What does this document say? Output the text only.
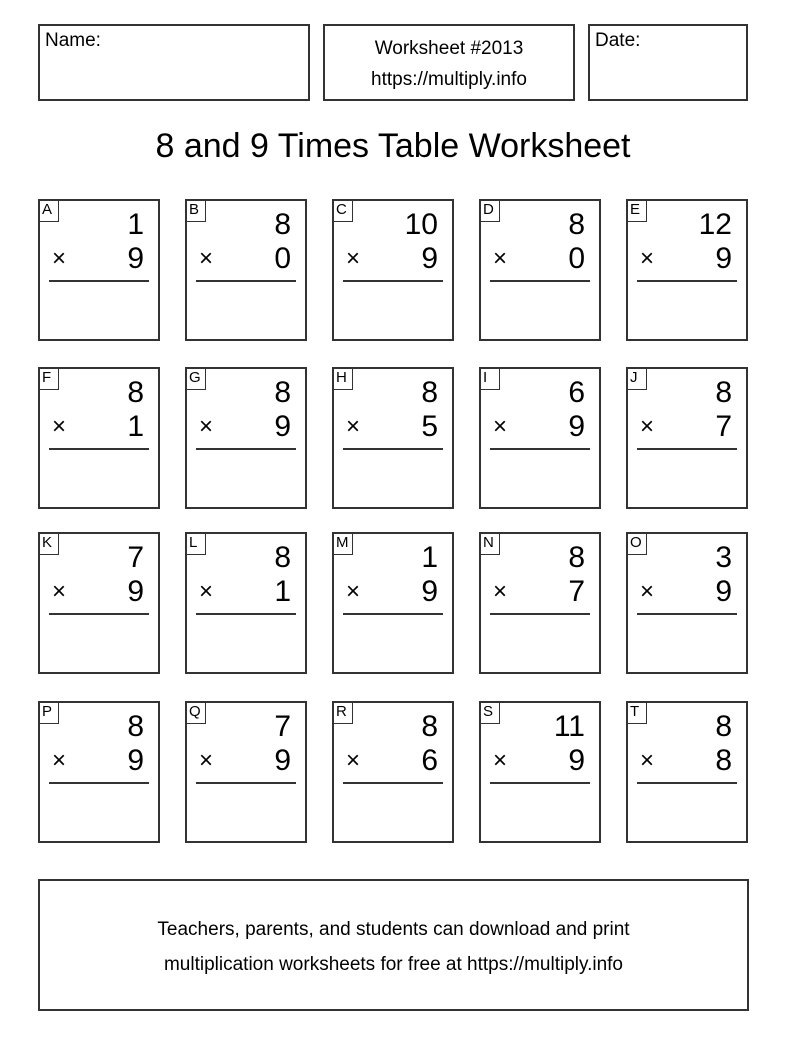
Name:	Worksheet #2013
https://multiply.info
Date:
8 and 9 Times Table Worksheet
A	1
× 9
B	8
× 0
C 10
× 9
D 8
× 0
E 12
× 9
F	8
× 1
G 8
× 9
H 8
× 5
I	6
× 9
J	8
× 7
K	7
× 9
L	8
× 1
M 1
× 9
N 8
× 7
O 3
× 9
P	8
× 9
Q 7
× 9
R 8
× 6
S 11
× 9
T	8
× 8
Teachers, parents, and students can download and print
multiplication worksheets for free at https://multiply.info
